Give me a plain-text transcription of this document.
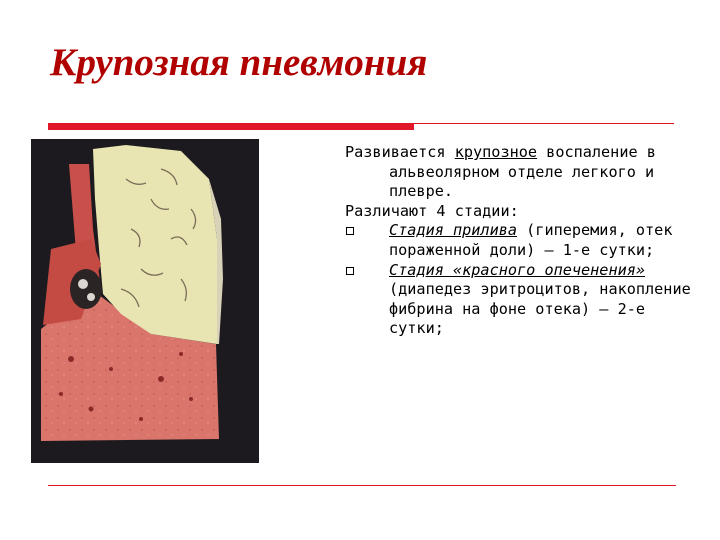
Крупозная пневмония

Развивается крупозное воспаление в альвеолярном отделе легкого и плевре.

Различают 4 стадии:

Стадия прилива (гиперемия, отек пораженной доли) – 1-е сутки;
Стадия «красного опеченения» (диапедез эритроцитов, накопление фибрина на фоне отека) – 2-е сутки;
